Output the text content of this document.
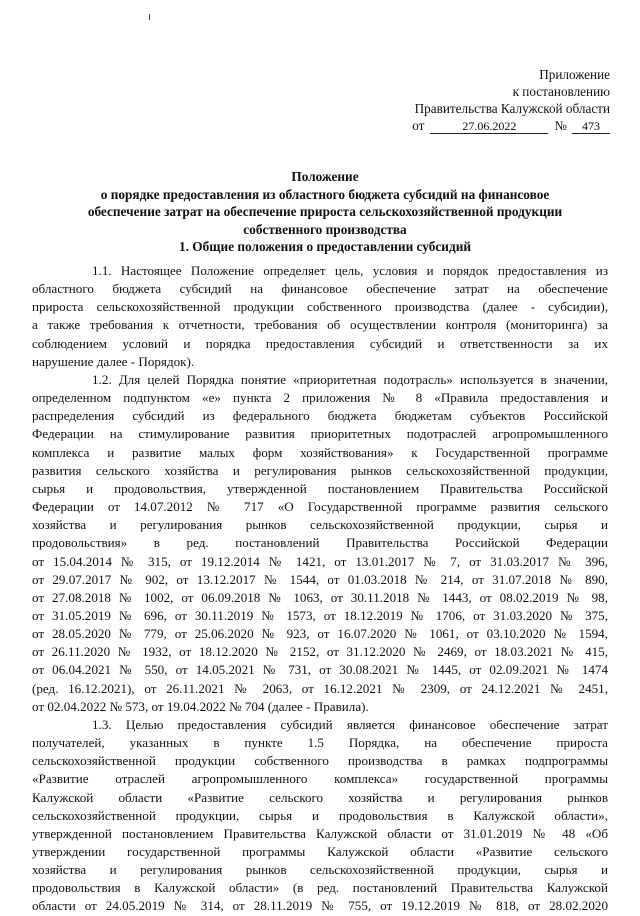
Приложение
к постановлению
Правительства Калужской области
от	27.06.2022	№ 473
Положение
о порядке предоставления из областного бюджета субсидий на финансовое
обеспечение затрат на обеспечение прироста сельскохозяйственной продукции
собственного производства
1. Общие положения о предоставлении субсидий

1.1. Настоящее Положение определяет цель, условия и порядок предоставления из
областного бюджета субсидий на финансовое обеспечение затрат на обеспечение
прироста сельскохозяйственной продукции собственного производства (далее - субсидии),
а также требования к отчетности, требования об осуществлении контроля (мониторинга) за
соблюдением условий и порядка предоставления субсидий и ответственности за их
нарушение далее - Порядок).

1.2. Для целей Порядка понятие «приоритетная подотрасль» используется в значении,
определенном подпунктом «е» пункта 2 приложения № 8 «Правила предоставления и
распределения субсидий из федерального бюджета бюджетам субъектов Российской
Федерации на стимулирование развития приоритетных подотраслей агропромышленного
комплекса и развитие малых форм хозяйствования» к Государственной программе
развития сельского хозяйства и регулирования рынков сельскохозяйственной продукции,
сырья и продовольствия, утвержденной постановлением Правительства Российской
Федерации от 14.07.2012 № 717 «О Государственной программе развития сельского
хозяйства и регулирования рынков сельскохозяйственной продукции, сырья и
продовольствия» в ред. постановлений Правительства Российской Федерации
от 15.04.2014 № 315, от 19.12.2014 № 1421, от 13.01.2017 № 7, от 31.03.2017 № 396,
от 29.07.2017 № 902, от 13.12.2017 № 1544, от 01.03.2018 № 214, от 31.07.2018 № 890,
от 27.08.2018 № 1002, от 06.09.2018 № 1063, от 30.11.2018 № 1443, от 08.02.2019 № 98,
от 31.05.2019 № 696, от 30.11.2019 № 1573, от 18.12.2019 № 1706, от 31.03.2020 № 375,
от 28.05.2020 № 779, от 25.06.2020 № 923, от 16.07.2020 № 1061, от 03.10.2020 № 1594,
от 26.11.2020 № 1932, от 18.12.2020 № 2152, от 31.12.2020 № 2469, от 18.03.2021 № 415,
от 06.04.2021 № 550, от 14.05.2021 № 731, от 30.08.2021 № 1445, от 02.09.2021 № 1474
(ред. 16.12.2021), от 26.11.2021 № 2063, от 16.12.2021 № 2309, от 24.12.2021 № 2451,
от 02.04.2022 № 573, от 19.04.2022 № 704 (далее - Правила).

1.3. Целью предоставления субсидий является финансовое обеспечение затрат
получателей, указанных в пункте 1.5 Порядка, на обеспечение прироста
сельскохозяйственной продукции собственного производства в рамках подпрограммы
«Развитие отраслей агропромышленного комплекса» государственной программы
Калужской области «Развитие сельского хозяйства и регулирования рынков
сельскохозяйственной продукции, сырья и продовольствия в Калужской области»,
утвержденной постановлением Правительства Калужской области от 31.01.2019 № 48 «Об
утверждении государственной программы Калужской области «Развитие сельского
хозяйства и регулирования рынков сельскохозяйственной продукции, сырья и
продовольствия в Калужской области» (в ред. постановлений Правительства Калужской
области от 24.05.2019 № 314, от 28.11.2019 № 755, от 19.12.2019 № 818, от 28.02.2020
